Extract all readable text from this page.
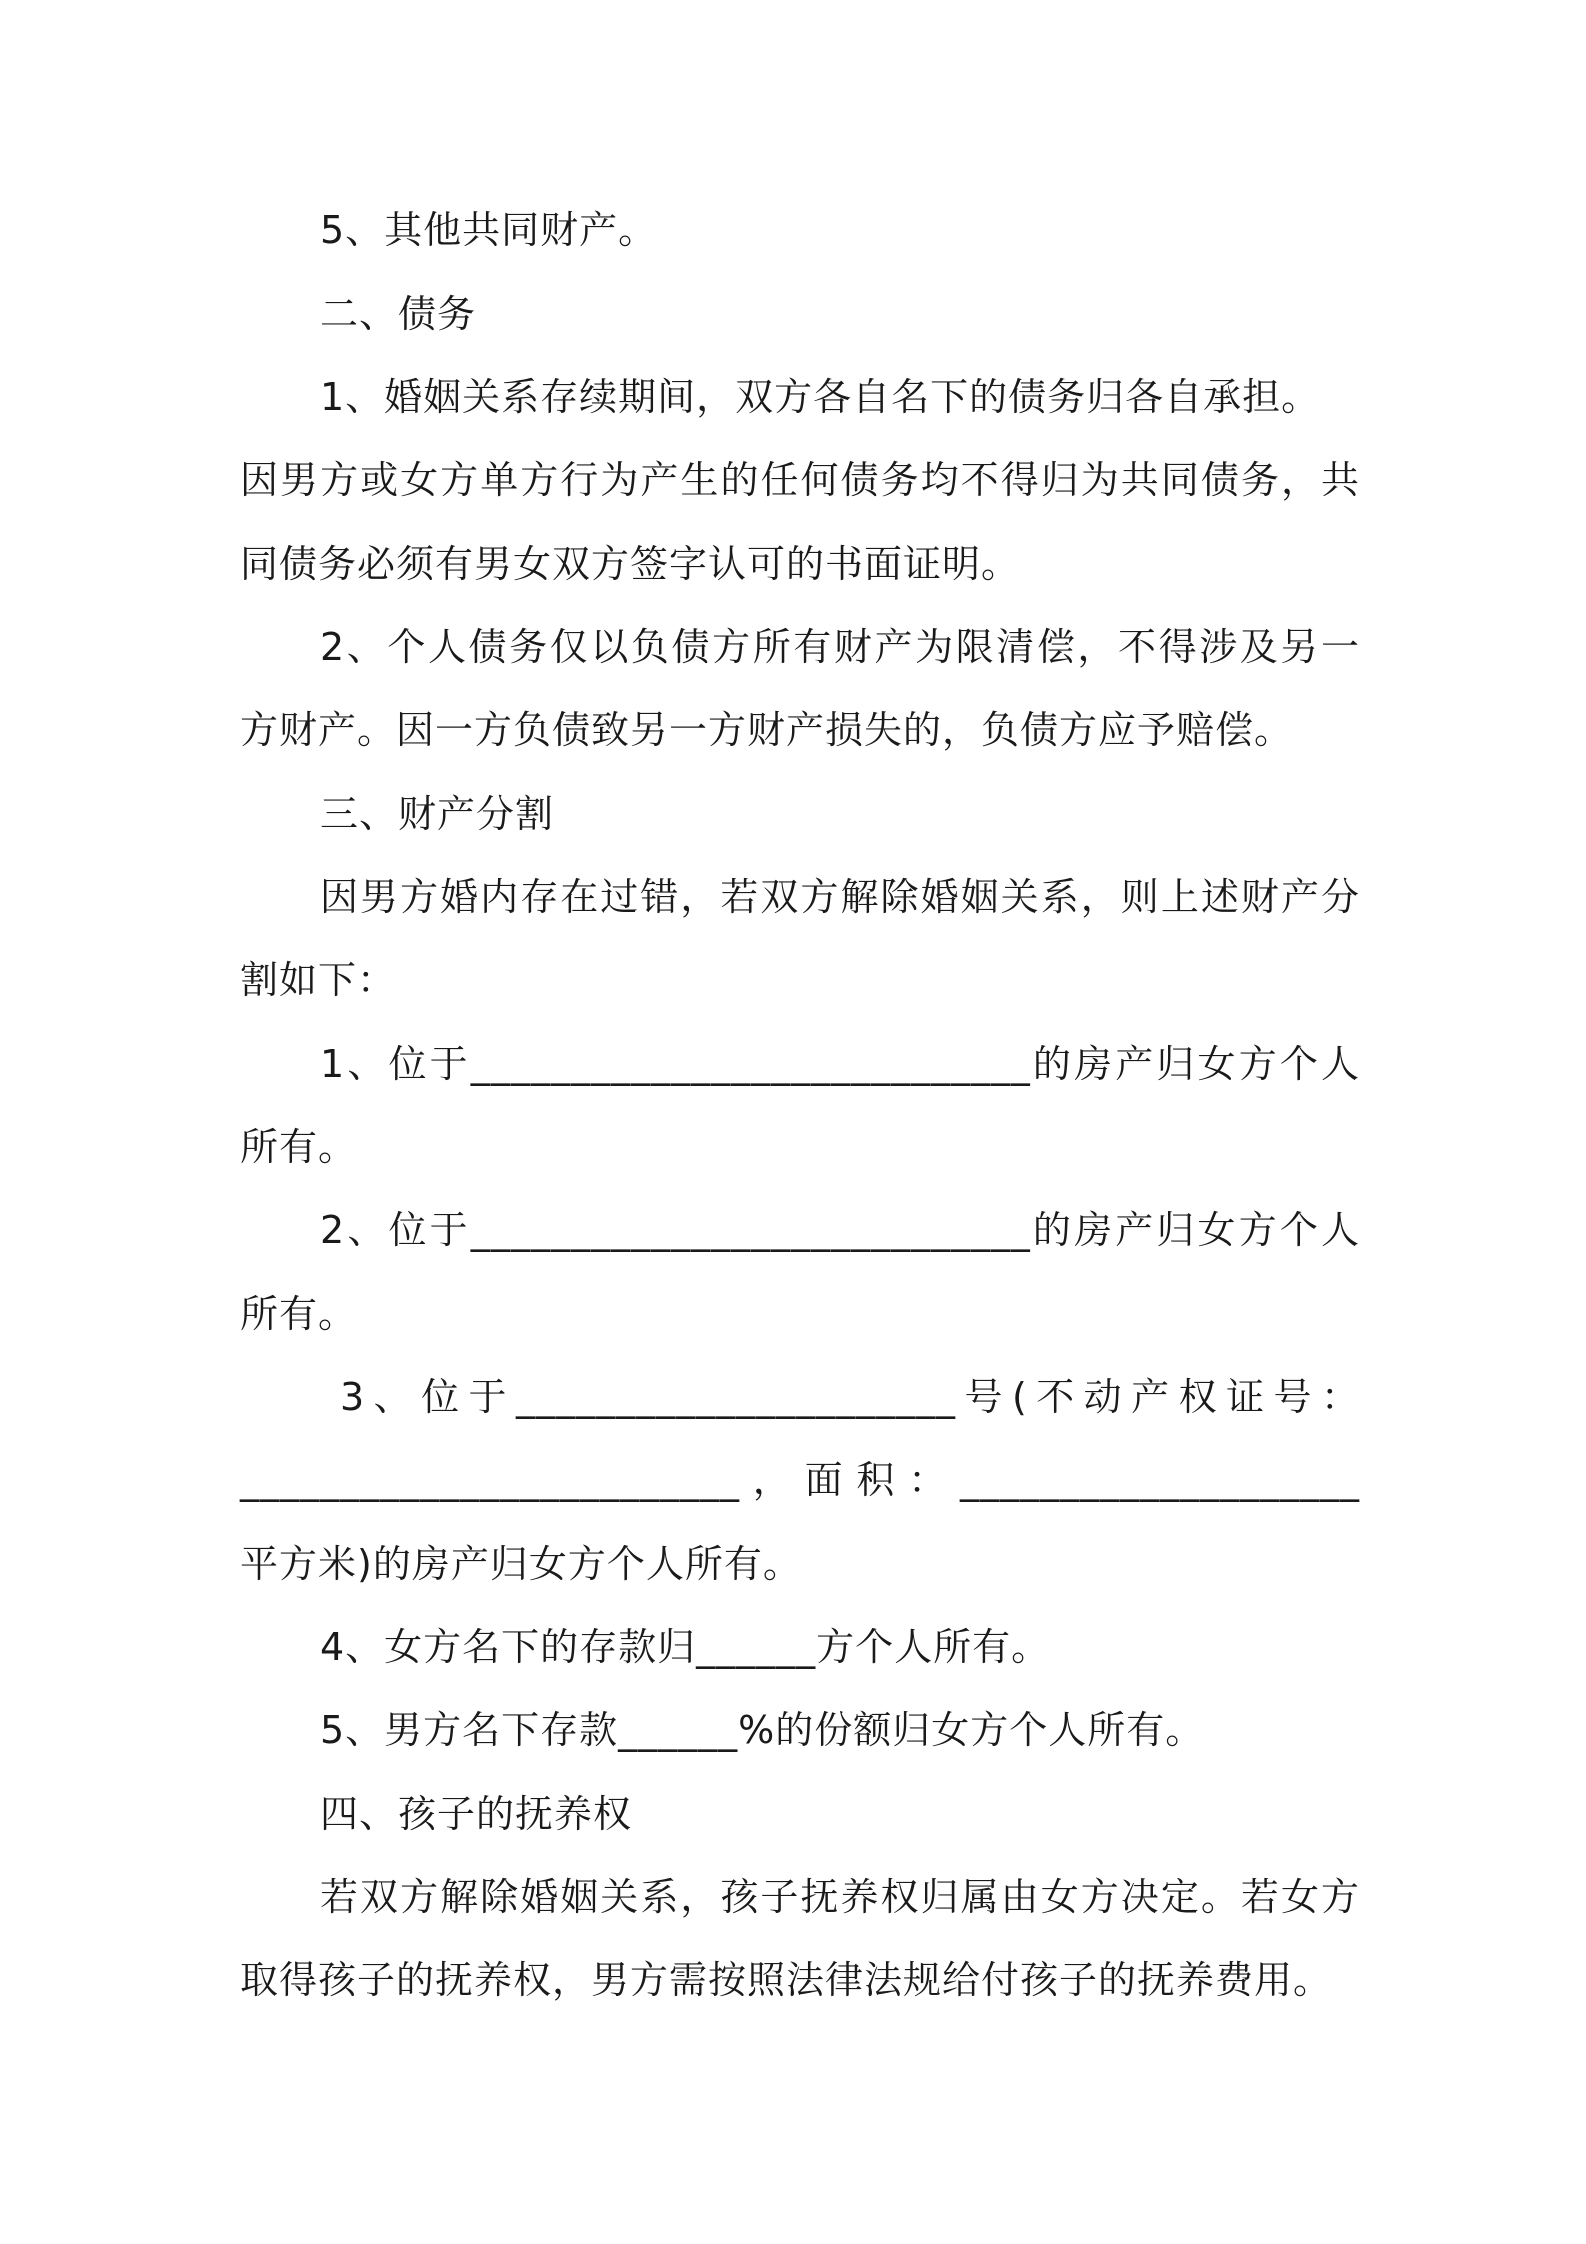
5、其他共同财产。
二、债务
1、婚姻关系存续期间，双方各自名下的债务归各自承担。
因男方或女方单方行为产生的任何债务均不得归为共同债务，共
同债务必须有男女双方签字认可的书面证明。
2、个人债务仅以负债方所有财产为限清偿，不得涉及另一
方财产。因一方负债致另一方财产损失的，负债方应予赔偿。
三、财产分割
因男方婚内存在过错，若双方解除婚姻关系，则上述财产分
割如下：
1、位于____________________________的房产归女方个人
所有。
2、位于____________________________的房产归女方个人
所有。
3、位于______________________号(不动产权证号：
_________________________，面积：____________________
平方米)的房产归女方个人所有。
4、女方名下的存款归______方个人所有。
5、男方名下存款______%的份额归女方个人所有。
四、孩子的抚养权
若双方解除婚姻关系，孩子抚养权归属由女方决定。若女方
取得孩子的抚养权，男方需按照法律法规给付孩子的抚养费用。
